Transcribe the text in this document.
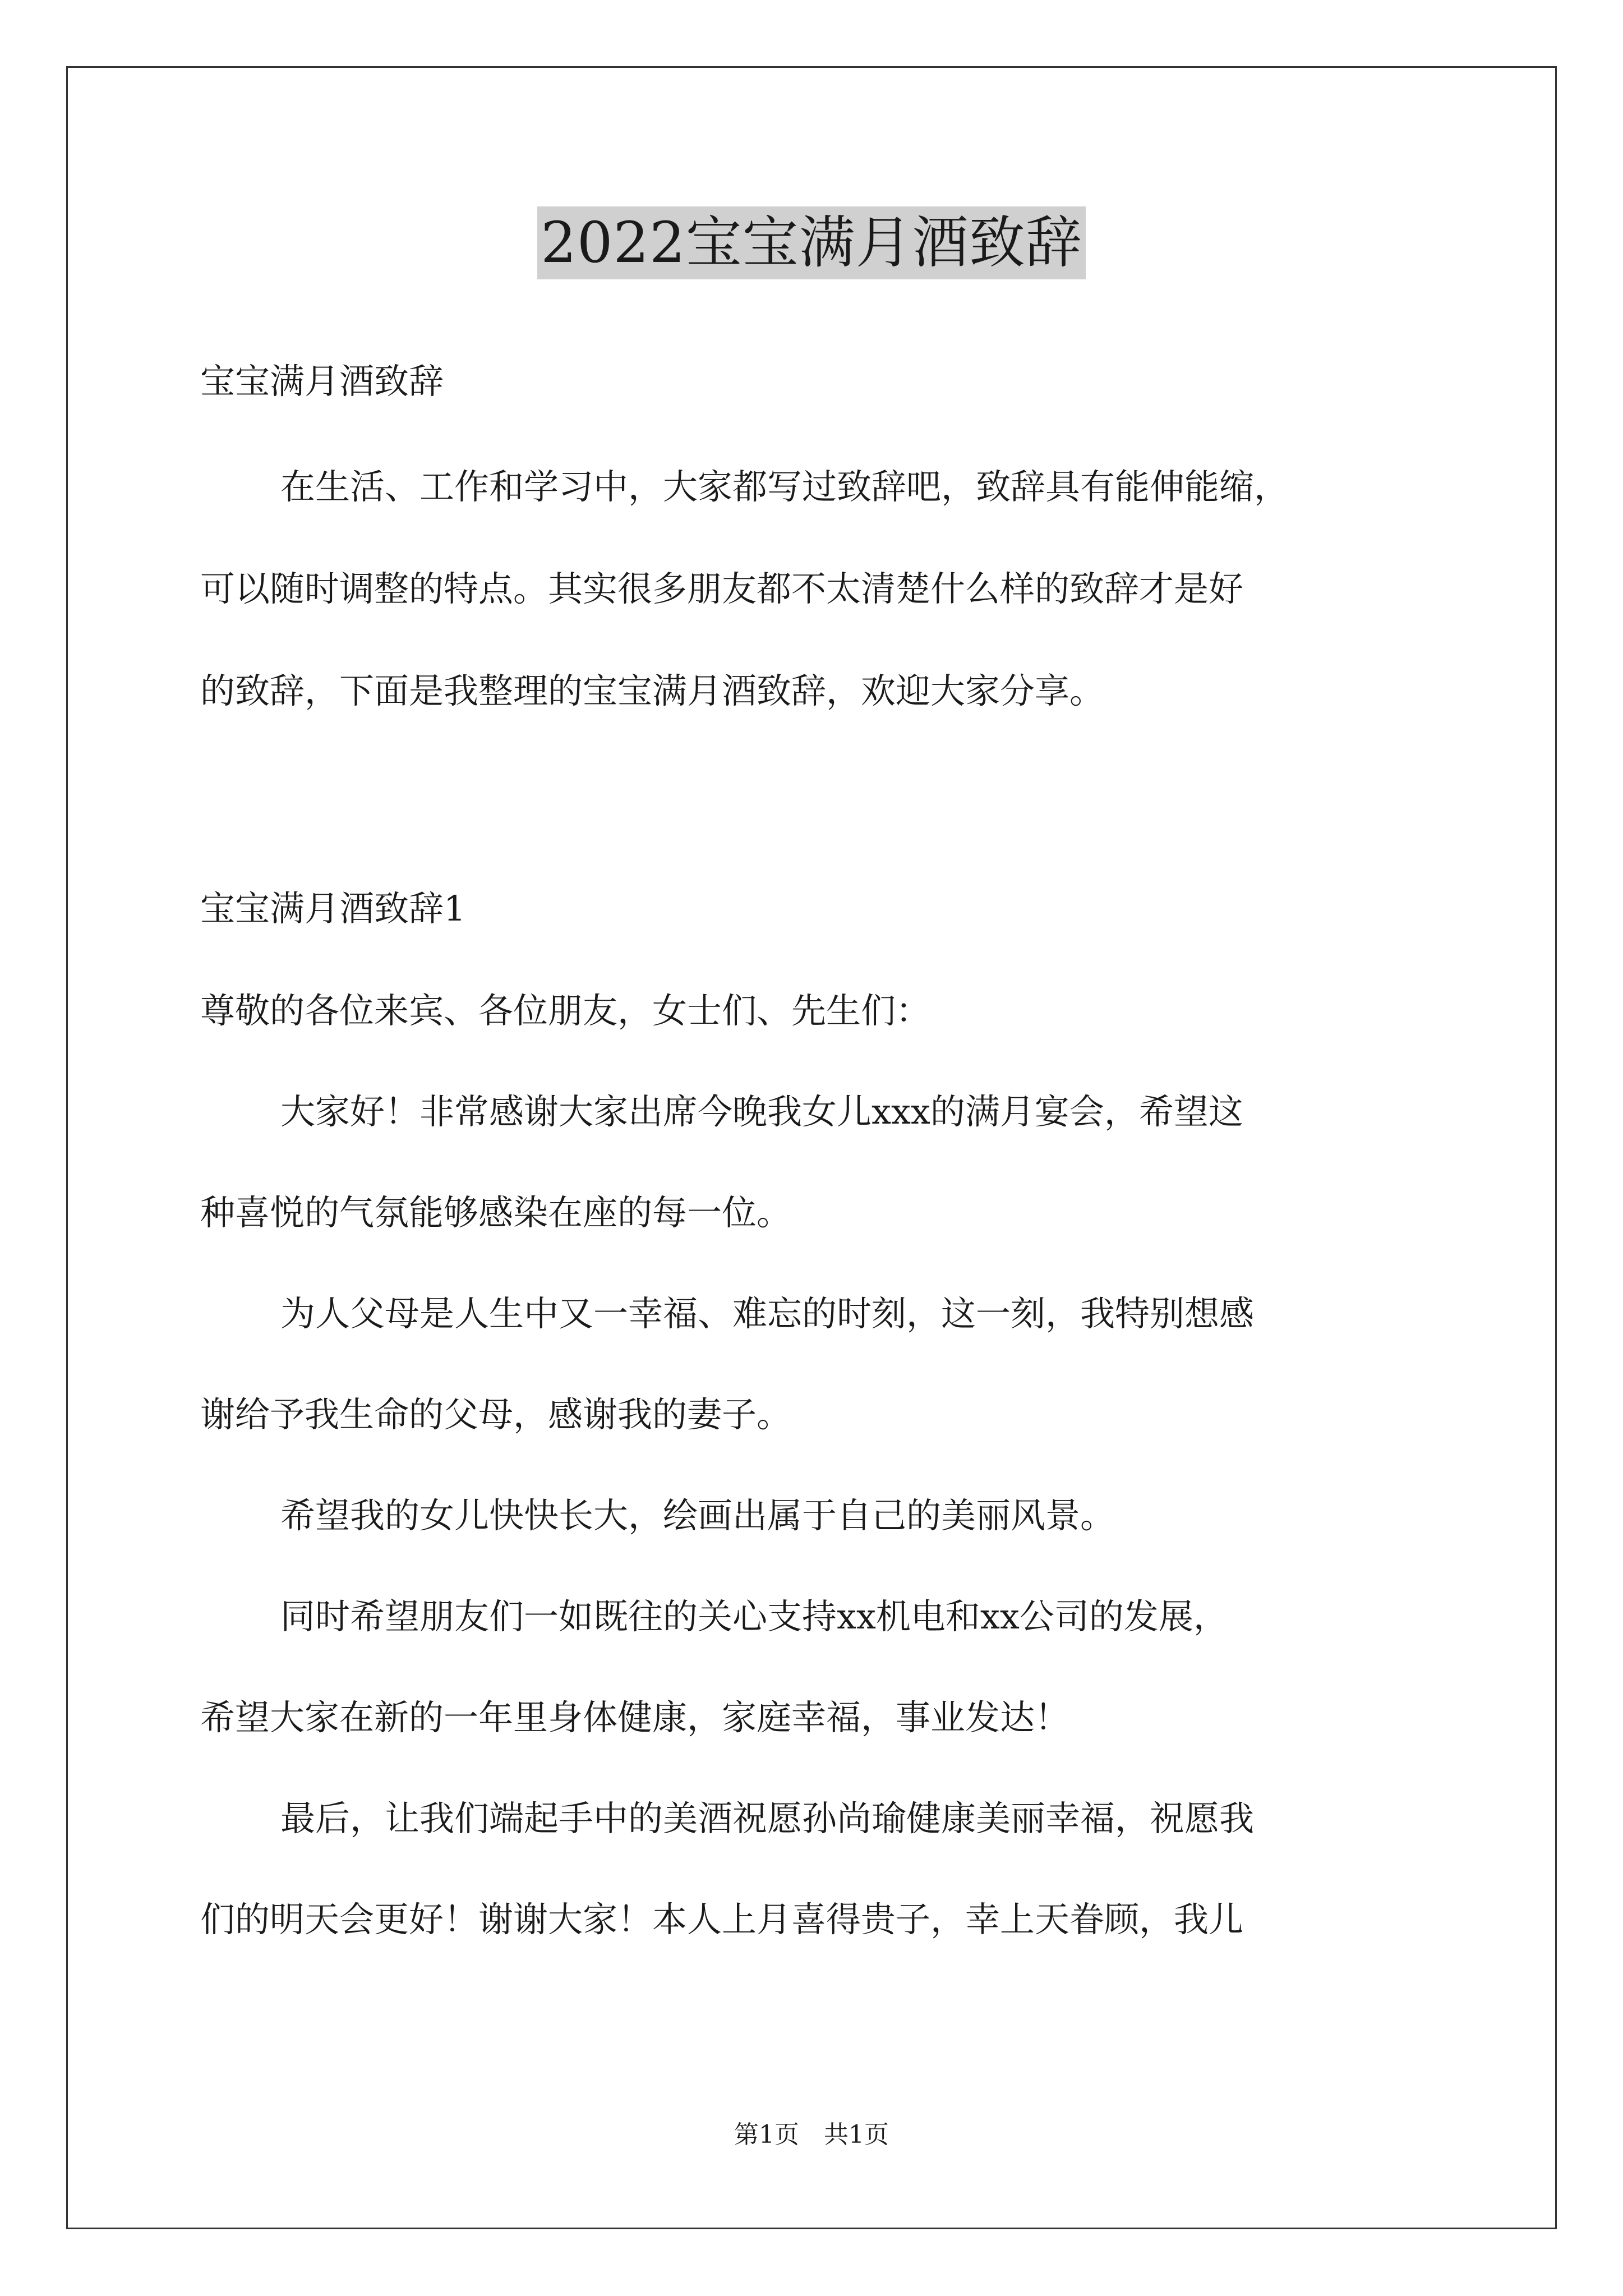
2022宝宝满月酒致辞
宝宝满月酒致辞
在生活、工作和学习中，大家都写过致辞吧，致辞具有能伸能缩，
可以随时调整的特点。其实很多朋友都不太清楚什么样的致辞才是好
的致辞，下面是我整理的宝宝满月酒致辞，欢迎大家分享。
宝宝满月酒致辞1
尊敬的各位来宾、各位朋友，女士们、先生们：
大家好！非常感谢大家出席今晚我女儿xxx的满月宴会，希望这
种喜悦的气氛能够感染在座的每一位。
为人父母是人生中又一幸福、难忘的时刻，这一刻，我特别想感
谢给予我生命的父母，感谢我的妻子。
希望我的女儿快快长大，绘画出属于自己的美丽风景。
同时希望朋友们一如既往的关心支持xx机电和xx公司的发展，
希望大家在新的一年里身体健康，家庭幸福，事业发达！
最后，让我们端起手中的美酒祝愿孙尚瑜健康美丽幸福，祝愿我
们的明天会更好！谢谢大家！本人上月喜得贵子，幸上天眷顾，我儿
第1页　共1页
